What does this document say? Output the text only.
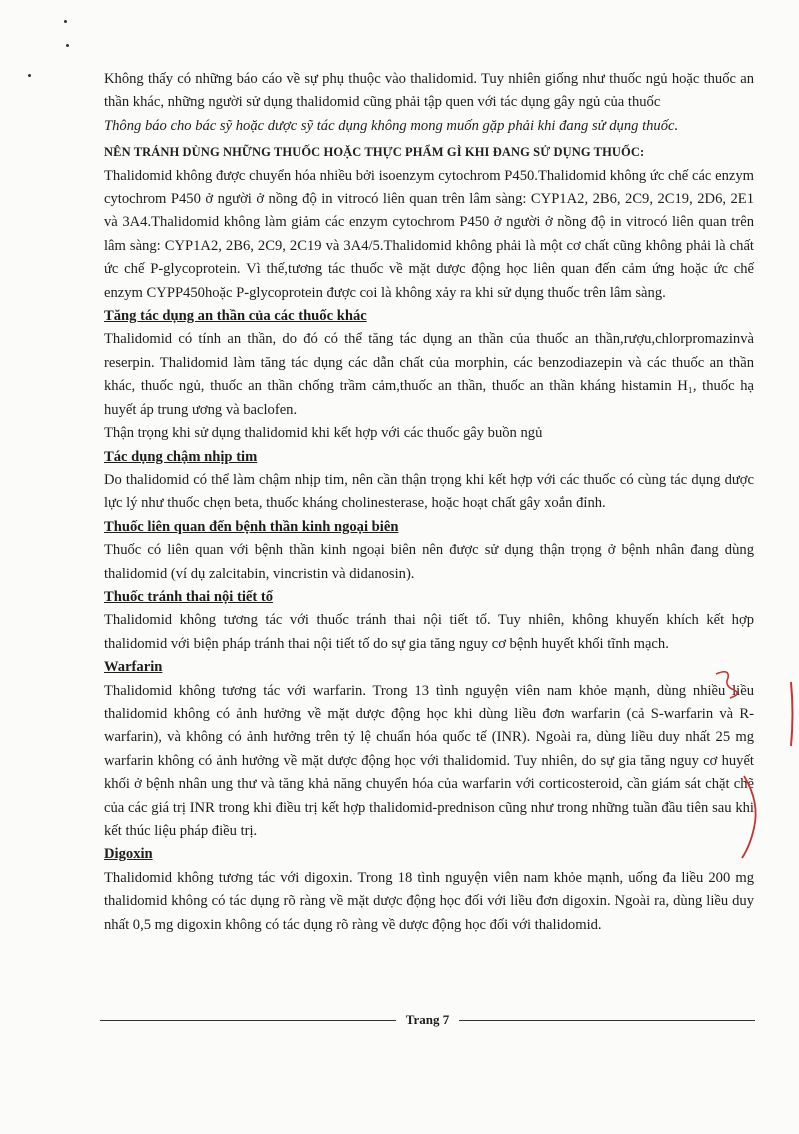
Không thấy có những báo cáo về sự phụ thuộc vào thalidomid. Tuy nhiên giống như thuốc ngủ hoặc thuốc an thần khác, những người sử dụng thalidomid cũng phải tập quen với tác dụng gây ngủ của thuốc

Thông báo cho bác sỹ hoặc dược sỹ tác dụng không mong muốn gặp phải khi đang sử dụng thuốc.

NÊN TRÁNH DÙNG NHỮNG THUỐC HOẶC THỰC PHẨM GÌ KHI ĐANG SỬ DỤNG THUỐC:

Thalidomid không được chuyển hóa nhiều bởi isoenzym cytochrom P450.Thalidomid không ức chế các enzym cytochrom P450 ở người ở nồng độ in vitrocó liên quan trên lâm sàng: CYP1A2, 2B6, 2C9, 2C19, 2D6, 2E1 và 3A4.Thalidomid không làm giảm các enzym cytochrom P450 ở người ở nồng độ in vitrocó liên quan trên lâm sàng: CYP1A2, 2B6, 2C9, 2C19 và 3A4/5.Thalidomid không phải là một cơ chất cũng không phải là chất ức chế P-glycoprotein. Vì thế,tương tác thuốc về mặt dược động học liên quan đến cảm ứng hoặc ức chế enzym CYPP450hoặc P-glycoprotein được coi là không xảy ra khi sử dụng thuốc trên lâm sàng.

Tăng tác dụng an thần của các thuốc khác

Thalidomid có tính an thần, do đó có thể tăng tác dụng an thần của thuốc an thần,rượu,chlorpromazinvà reserpin. Thalidomid làm tăng tác dụng các dẫn chất của morphin, các benzodiazepin và các thuốc an thần khác, thuốc ngủ, thuốc an thần chống trầm cảm,thuốc an thần, thuốc an thần kháng histamin H₁, thuốc hạ huyết áp trung ương và baclofen.

Thận trọng khi sử dụng thalidomid khi kết hợp với các thuốc gây buồn ngủ

Tác dụng chậm nhịp tim

Do thalidomid có thể làm chậm nhịp tim, nên cần thận trọng khi kết hợp với các thuốc có cùng tác dụng dược lực lý như thuốc chẹn beta, thuốc kháng cholinesterase, hoặc hoạt chất gây xoắn đỉnh.

Thuốc liên quan đến bệnh thần kinh ngoại biên

Thuốc có liên quan với bệnh thần kinh ngoại biên nên được sử dụng thận trọng ở bệnh nhân đang dùng thalidomid (ví dụ zalcitabin, vincristin và didanosin).

Thuốc tránh thai nội tiết tố

Thalidomid không tương tác với thuốc tránh thai nội tiết tố. Tuy nhiên, không khuyến khích kết hợp thalidomid với biện pháp tránh thai nội tiết tố do sự gia tăng nguy cơ bệnh huyết khối tĩnh mạch.

Warfarin

Thalidomid không tương tác với warfarin. Trong 13 tình nguyện viên nam khỏe mạnh, dùng nhiều liều thalidomid không có ảnh hưởng về mặt dược động học khi dùng liều đơn warfarin (cả S-warfarin và R-warfarin), và không có ảnh hưởng trên tỷ lệ chuẩn hóa quốc tế (INR). Ngoài ra, dùng liều duy nhất 25 mg warfarin không có ảnh hưởng về mặt dược động học với thalidomid. Tuy nhiên, do sự gia tăng nguy cơ huyết khối ở bệnh nhân ung thư và tăng khả năng chuyển hóa của warfarin với corticosteroid, cần giám sát chặt chẽ của các giá trị INR trong khi điều trị kết hợp thalidomid-prednison cũng như trong những tuần đầu tiên sau khi kết thúc liệu pháp điều trị.

Digoxin

Thalidomid không tương tác với digoxin. Trong 18 tình nguyện viên nam khỏe mạnh, uống đa liều 200 mg thalidomid không có tác dụng rõ ràng về mặt dược động học đối với liều đơn digoxin. Ngoài ra, dùng liều duy nhất 0,5 mg digoxin không có tác dụng rõ ràng về dược động học đối với thalidomid.

Trang 7
